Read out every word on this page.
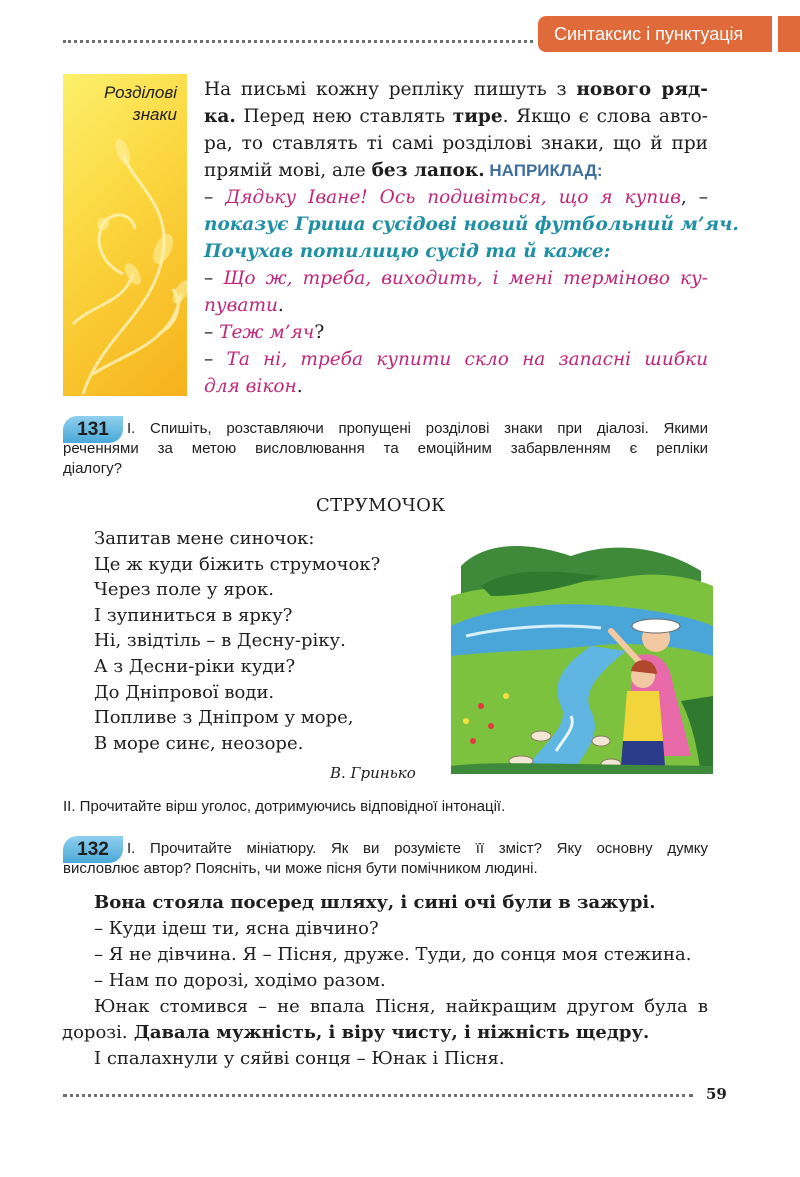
Синтаксис і пунктуація
Розділові
знаки
На письмі кожну репліку пишуть з нового ряд-
ка. Перед нею ставлять тире. Якщо є слова авто-
ра, то ставлять ті самі розділові знаки, що й при
прямій мові, але без лапок. НАПРИКЛАД:
– Дядьку Іване! Ось подивіться, що я купив, –
показує Гриша сусідові новий футбольний м’яч.
Почухав потилицю сусід та й каже:
– Що ж, треба, виходить, і мені терміново ку-
пувати.
– Теж м’яч?
– Та ні, треба купити скло на запасні шибки
для вікон.
131	І. Спишіть, розставляючи пропущені розділові знаки при діалозі. Якими
реченнями за метою висловлювання та емоційним забарвленням є репліки
діалогу?
СТРУМОЧОК
Запитав мене синочок:
Це ж куди біжить струмочок?
Через поле у ярок.
І зупиниться в ярку?
Ні, звідтіль – в Десну-ріку.
А з Десни-ріки куди?
До Дніпрової води.
Попливе з Дніпром у море,
В море синє, неозоре.
В. Гринько
ІІ. Прочитайте вірш уголос, дотримуючись відповідної інтонації.
132	І. Прочитайте мініатюру. Як ви розумієте її зміст? Яку основну думку
висловлює автор? Поясніть, чи може пісня бути помічником людині.
Вона стояла посеред шляху, і сині очі були в зажурі.
– Куди ідеш ти, ясна дівчино?
– Я не дівчина. Я – Пісня, друже. Туди, до сонця моя стежина.
– Нам по дорозі, ходімо разом.
Юнак стомився – не впала Пісня, найкращим другом була в
дорозі. Давала мужність, і віру чисту, і ніжність щедру.
І спалахнули у сяйві сонця – Юнак і Пісня.
59
